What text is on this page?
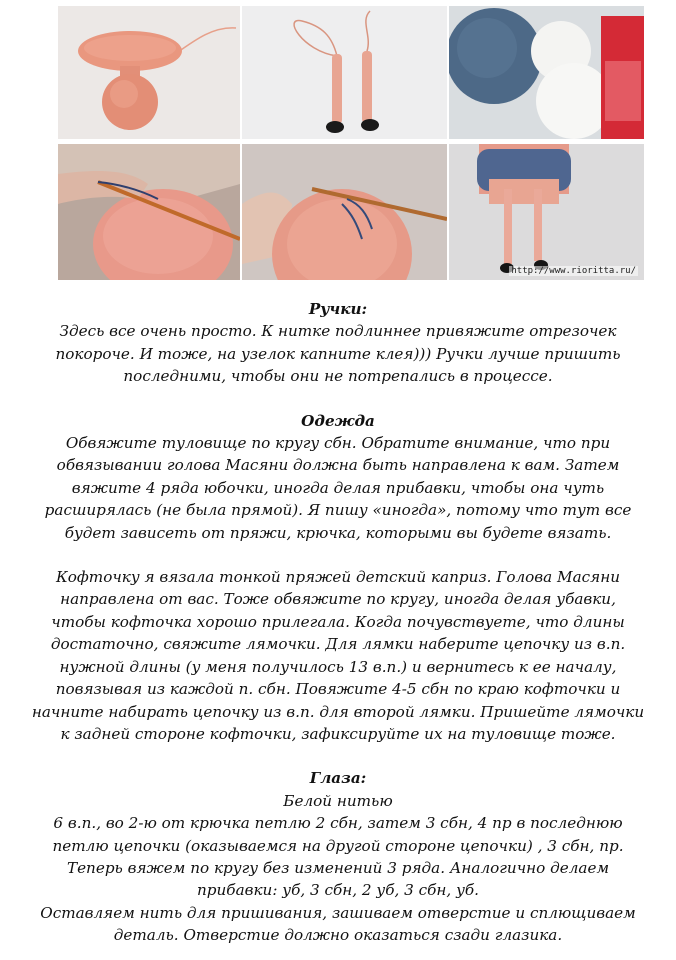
http://www.rioritta.ru/

Ручки:

Здесь все очень просто. К нитке подлиннее привяжите отрезочек

покороче. И тоже, на узелок капните клея))) Ручки лучше пришить

последними, чтобы они не потрепались в процессе.

Одежда

Обвяжите туловище по кругу сбн. Обратите внимание, что при

обвязывании голова Масяни должна быть направлена к вам. Затем

вяжите 4 ряда юбочки, иногда делая прибавки, чтобы она чуть

расширялась (не была прямой). Я пишу «иногда», потому что тут все

будет зависеть от пряжи, крючка, которыми вы будете вязать.

Кофточку я вязала тонкой пряжей детский каприз. Голова Масяни

направлена от вас. Тоже обвяжите по кругу, иногда делая убавки,

чтобы кофточка хорошо прилегала. Когда почувствуете, что длины

достаточно, свяжите лямочки. Для лямки наберите цепочку из в.п.

нужной длины (у меня получилось 13 в.п.) и вернитесь к ее началу,

повязывая из каждой п. сбн. Повяжите 4-5 сбн по краю кофточки и

начните набирать цепочку из в.п. для второй лямки. Пришейте лямочки

к задней стороне кофточки, зафиксируйте их на туловище тоже.

Глаза:

Белой нитью

6 в.п., во 2-ю от крючка петлю 2 сбн, затем 3 сбн, 4 пр в последнюю

петлю цепочки (оказываемся на другой стороне цепочки) , 3 сбн, пр.

Теперь вяжем по кругу без изменений 3 ряда. Аналогично делаем

прибавки: уб, 3 сбн, 2 уб, 3 сбн, уб.

Оставляем нить для пришивания, зашиваем отверстие и сплющиваем

деталь. Отверстие должно оказаться сзади глазика.
